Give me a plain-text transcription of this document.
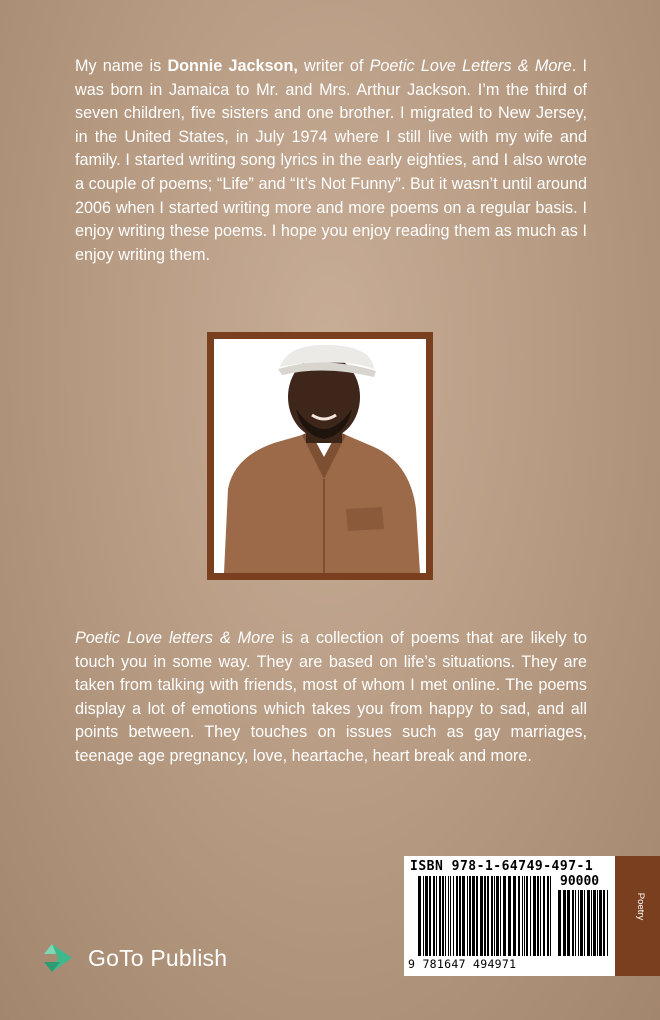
My name is Donnie Jackson, writer of Poetic Love Letters & More. I was born in Jamaica to Mr. and Mrs. Arthur Jackson. I’m the third of seven children, five sisters and one brother. I migrated to New Jersey, in the United States, in July 1974 where I still live with my wife and family. I started writing song lyrics in the early eighties, and I also wrote a couple of poems; “Life” and “It’s Not Funny”. But it wasn’t until around 2006 when I started writing more and more poems on a regular basis. I enjoy writing these poems. I hope you enjoy reading them as much as I enjoy writing them.

Poetic Love letters & More is a collection of poems that are likely to touch you in some way. They are based on life’s situations. They are taken from talking with friends, most of whom I met online. The poems display a lot of emotions which takes you from happy to sad, and all points between. They touches on issues such as gay marriages, teenage age pregnancy, love, heartache, heart break and more.

GoTo Publish
ISBN 978-1-64749-497-1
90000
9 781647 494971
Poetry
